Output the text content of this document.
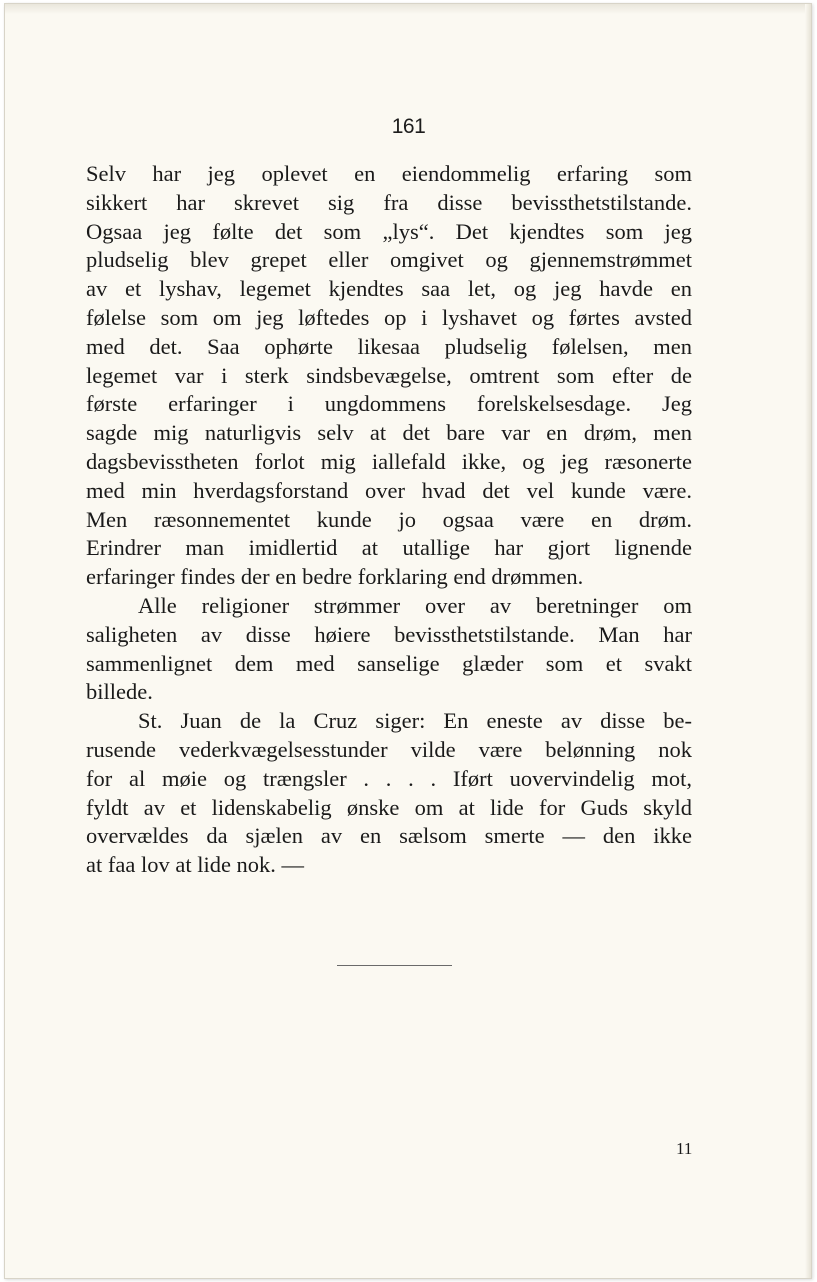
161
Selv har jeg oplevet en eiendommelig erfaring som
sikkert har skrevet sig fra disse bevissthetstilstande.
Ogsaa jeg følte det som „lys“. Det kjendtes som jeg
pludselig blev grepet eller omgivet og gjennemstrømmet
av et lyshav, legemet kjendtes saa let, og jeg havde en
følelse som om jeg løftedes op i lyshavet og førtes avsted
med det. Saa ophørte likesaa pludselig følelsen, men
legemet var i sterk sindsbevægelse, omtrent som efter de
første erfaringer i ungdommens forelskelsesdage. Jeg
sagde mig naturligvis selv at det bare var en drøm, men
dagsbevisstheten forlot mig iallefald ikke, og jeg ræsonerte
med min hverdagsforstand over hvad det vel kunde være.
Men ræsonnementet kunde jo ogsaa være en drøm.
Erindrer man imidlertid at utallige har gjort lignende
erfaringer findes der en bedre forklaring end drømmen.
Alle religioner strømmer over av beretninger om
saligheten av disse høiere bevissthetstilstande. Man har
sammenlignet dem med sanselige glæder som et svakt
billede.
St. Juan de la Cruz siger: En eneste av disse be-
rusende vederkvægelsesstunder vilde være belønning nok
for al møie og trængsler . . . . Iført uovervindelig mot,
fyldt av et lidenskabelig ønske om at lide for Guds skyld
overvældes da sjælen av en sælsom smerte — den ikke
at faa lov at lide nok. —
11
